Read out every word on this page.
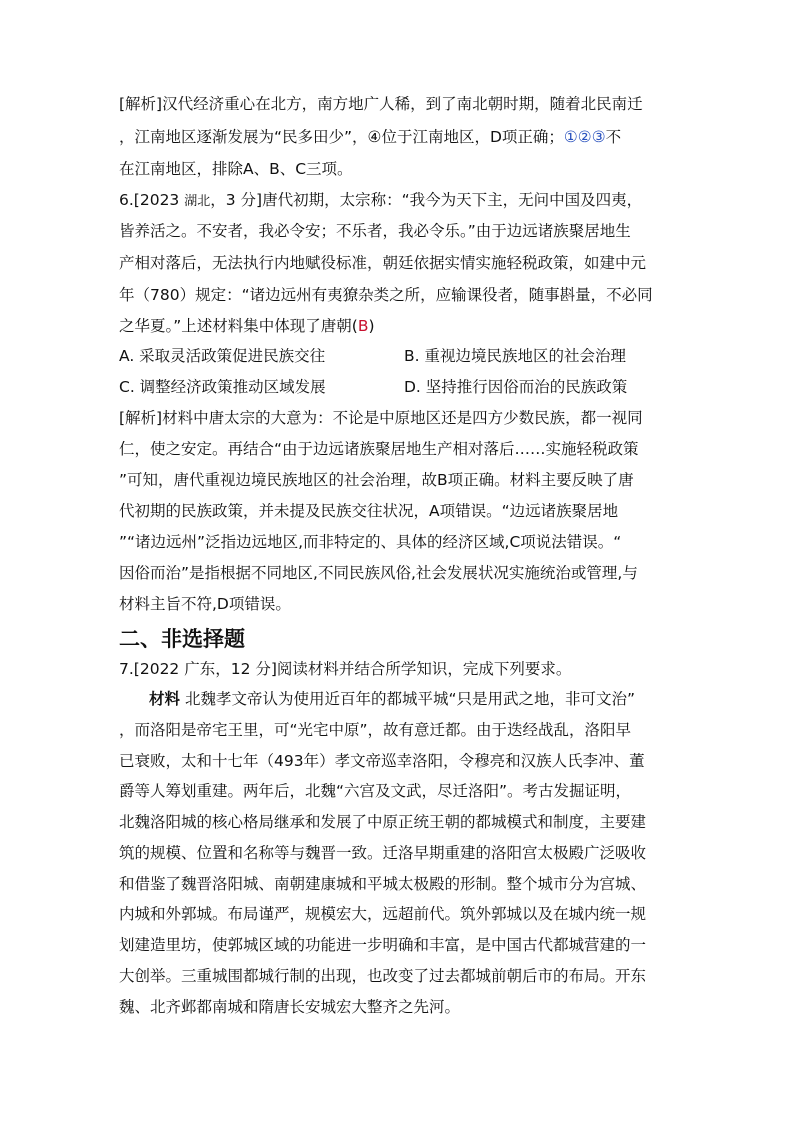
[解析]汉代经济重心在北方，南方地广人稀，到了南北朝时期，随着北民南迁
，江南地区逐渐发展为“民多田少”，④位于江南地区，D项正确；①②③不
在江南地区，排除A、B、C三项。
6.[2023 湖北，3 分]唐代初期，太宗称：“我今为天下主，无问中国及四夷，
皆养活之。不安者，我必令安；不乐者，我必令乐。”由于边远诸族聚居地生
产相对落后，无法执行内地赋役标准，朝廷依据实情实施轻税政策，如建中元
年（780）规定：“诸边远州有夷獠杂类之所，应输课役者，随事斟量，不必同
之华夏。”上述材料集中体现了唐朝(B)
A. 采取灵活政策促进民族交往	B. 重视边境民族地区的社会治理
C. 调整经济政策推动区域发展	D. 坚持推行因俗而治的民族政策
[解析]材料中唐太宗的大意为：不论是中原地区还是四方少数民族，都一视同
仁，使之安定。再结合“由于边远诸族聚居地生产相对落后……实施轻税政策
”可知，唐代重视边境民族地区的社会治理，故B项正确。材料主要反映了唐
代初期的民族政策，并未提及民族交往状况，A项错误。“边远诸族聚居地
”“诸边远州”泛指边远地区,而非特定的、具体的经济区域,C项说法错误。“
因俗而治”是指根据不同地区,不同民族风俗,社会发展状况实施统治或管理,与
材料主旨不符,D项错误。
二、非选择题
7.[2022 广东，12 分]阅读材料并结合所学知识，完成下列要求。
材料 北魏孝文帝认为使用近百年的都城平城“只是用武之地，非可文治”
，而洛阳是帝宅王里，可“光宅中原”，故有意迁都。由于迭经战乱，洛阳早
已衰败，太和十七年（493年）孝文帝巡幸洛阳，令穆亮和汉族人氏李冲、董
爵等人筹划重建。两年后，北魏“六宫及文武，尽迁洛阳”。考古发掘证明，
北魏洛阳城的核心格局继承和发展了中原正统王朝的都城模式和制度，主要建
筑的规模、位置和名称等与魏晋一致。迁洛早期重建的洛阳宫太极殿广泛吸收
和借鉴了魏晋洛阳城、南朝建康城和平城太极殿的形制。整个城市分为宫城、
内城和外郭城。布局谨严，规模宏大，远超前代。筑外郭城以及在城内统一规
划建造里坊，使郭城区域的功能进一步明确和丰富，是中国古代都城营建的一
大创举。三重城围都城行制的出现，也改变了过去都城前朝后市的布局。开东
魏、北齐邺都南城和隋唐长安城宏大整齐之先河。
